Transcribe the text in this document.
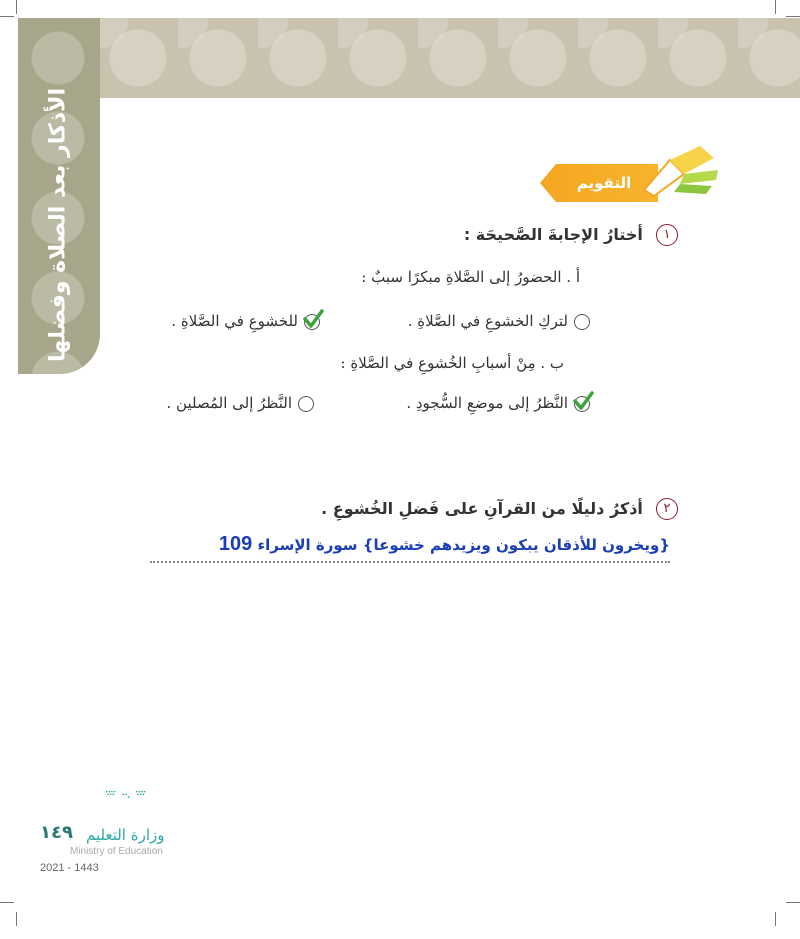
الأذكار بعد الصلاة وفضلها	التقويم
١ أختارُ الإجابةَ الصَّحيحَة :
أ . الحضورُ إلى الصَّلاةِ مبكرًا سببٌ :
لتركِ الخشوعِ في الصَّلاةِ .
للخشوعِ في الصَّلاةِ .
ب . مِنْ أسبابِ الخُشوعِ في الصَّلاةِ :
النَّظرُ إلى موضعِ السُّجودِ .
النَّظرُ إلى المُصلين .
٢ أذكرُ دليلًا من القرآنِ على فَضلِ الخُشوعِ .
{ويخرون للأذقان يبكون ويزيدهم خشوعا} سورة الإسراء 109
١٤٩ وزارة التعليم
Ministry of Education
2021 - 1443
